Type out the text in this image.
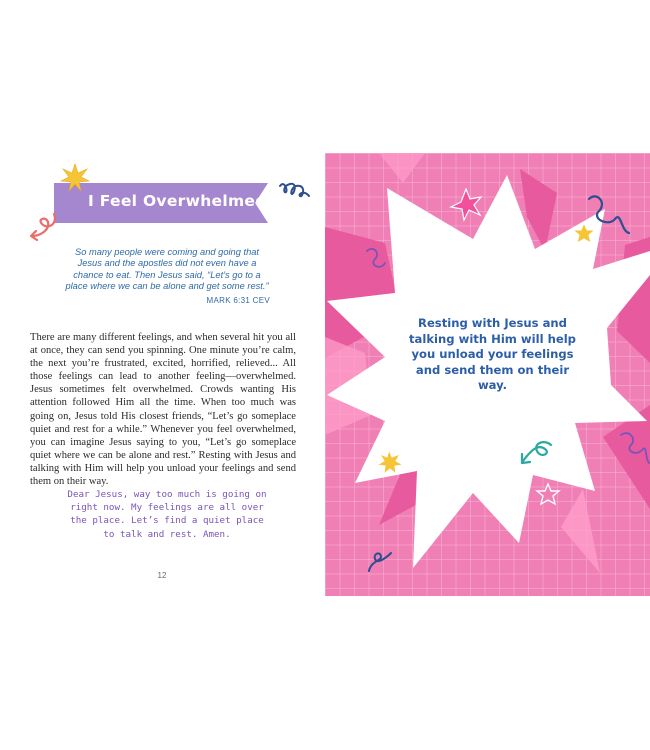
I Feel Overwhelmed
So many people were coming and going that Jesus and the apostles did not even have a chance to eat. Then Jesus said, “Let’s go to a place where we can be alone and get some rest.”
MARK 6:31 CEV
There are many different feelings, and when several hit you all at once, they can send you spinning. One minute you’re calm, the next you’re frustrated, excited, horrified, relieved... All those feelings can lead to another feeling—overwhelmed. Jesus sometimes felt overwhelmed. Crowds wanting His attention followed Him all the time. When too much was going on, Jesus told His closest friends, “Let’s go someplace quiet and rest for a while.” Whenever you feel overwhelmed, you can imagine Jesus saying to you, “Let’s go someplace quiet where we can be alone and rest.” Resting with Jesus and talking with Him will help you unload your feelings and send them on their way.
Dear Jesus, way too much is going on right now. My feelings are all over the place. Let’s find a quiet place to talk and rest. Amen.
12
Resting with Jesus and talking with Him will help you unload your feelings and send them on their way.
